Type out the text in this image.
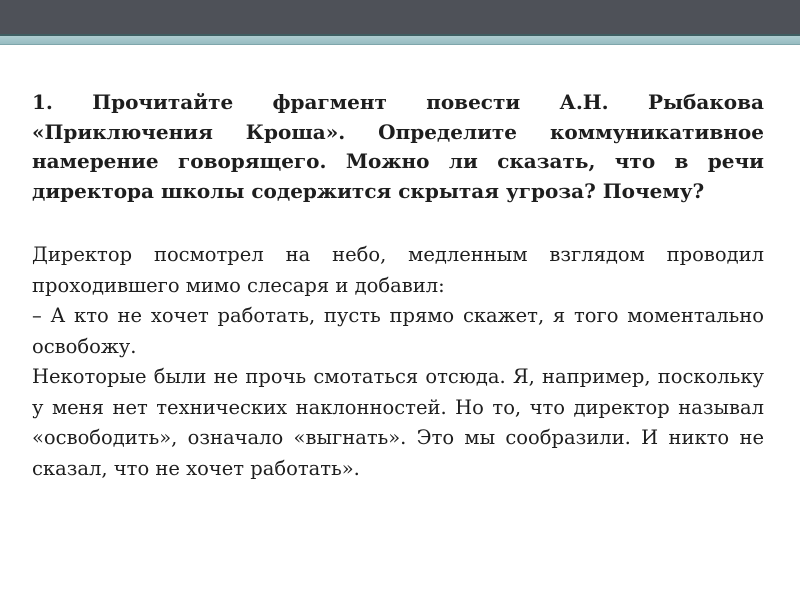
1. Прочитайте фрагмент повести А.Н. Рыбакова «Приключения Кроша». Определите коммуникативное намерение говорящего. Можно ли сказать, что в речи директора школы содержится скрытая угроза? Почему?

Директор посмотрел на небо, медленным взглядом проводил проходившего мимо слесаря и добавил:

– А кто не хочет работать, пусть прямо скажет, я того моментально освобожу.

Некоторые были не прочь смотаться отсюда. Я, например, поскольку у меня нет технических наклонностей. Но то, что директор называл «освободить», означало «выгнать». Это мы сообразили. И никто не сказал, что не хочет работать».
